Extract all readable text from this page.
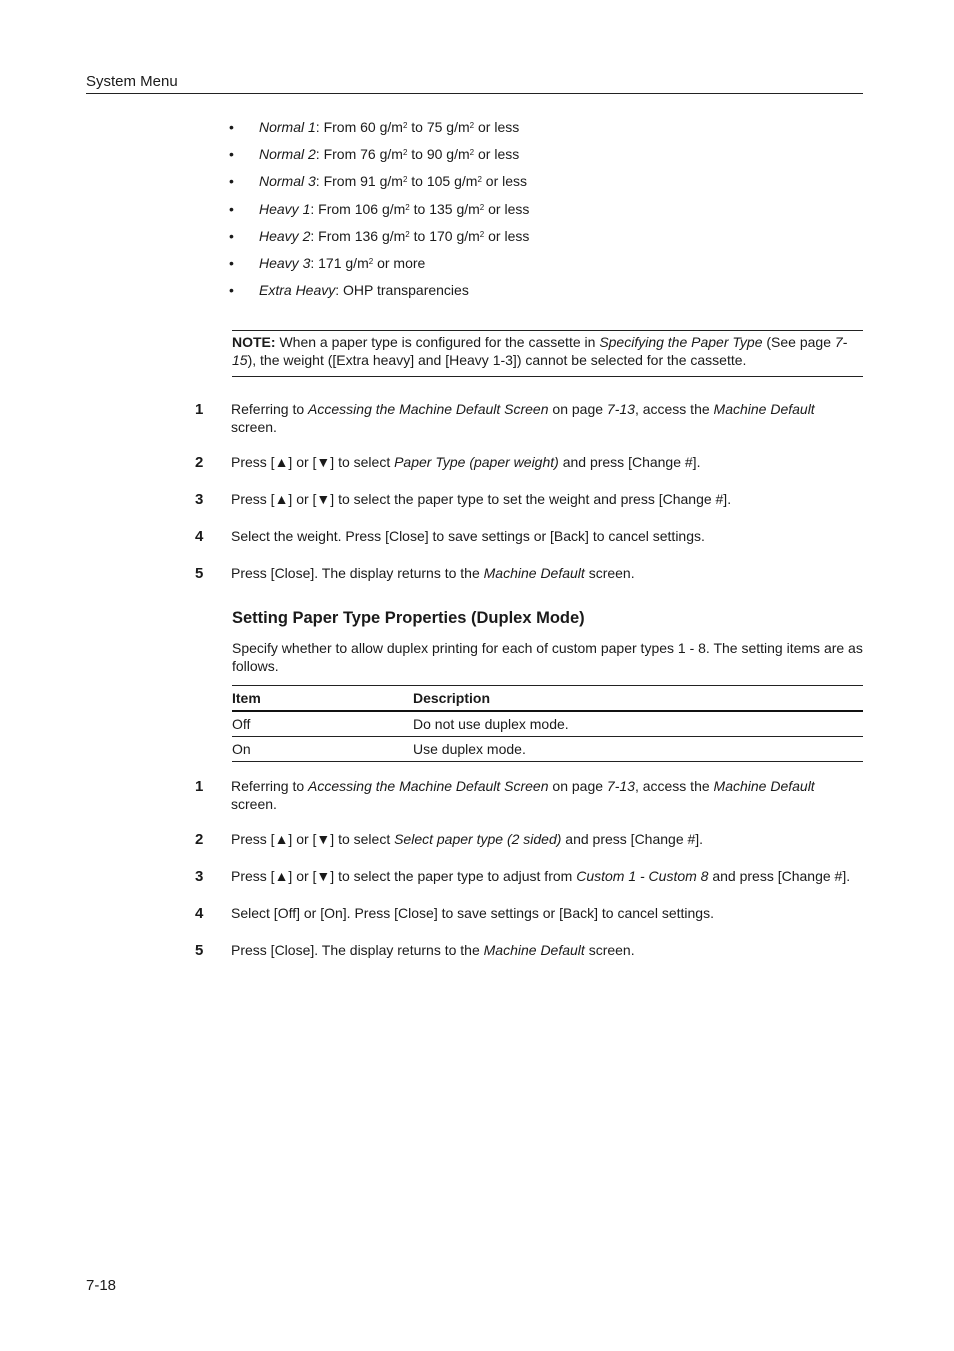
System Menu
• Normal 1: From 60 $g/m^2$ to 75 $g/m^2$ or less
• Normal 2: From 76 $g/m^2$ to 90 $g/m^2$ or less
• Normal 3: From 91 $g/m^2$ to 105 $g/m^2$ or less
• Heavy 1: From 106 $g/m^2$ to 135 $g/m^2$ or less
• Heavy 2: From 136 $g/m^2$ to 170 $g/m^2$ or less
• Heavy 3: 171 $g/m^2$ or more
• Extra Heavy: OHP transparencies
NOTE: When a paper type is configured for the cassette in Specifying the Paper Type (See page 7-15), the weight ([Extra heavy] and [Heavy 1-3]) cannot be selected for the cassette.
1 Referring to Accessing the Machine Default Screen on page 7-13, access the Machine Default
screen.
2 Press [▲] or [▼] to select Paper Type (paper weight) and press [Change #].
3 Press [▲] or [▼] to select the paper type to set the weight and press [Change #].
4 Select the weight. Press [Close] to save settings or [Back] to cancel settings.
5 Press [Close]. The display returns to the Machine Default screen.
Setting Paper Type Properties (Duplex Mode)
Specify whether to allow duplex printing for each of custom paper types 1 - 8. The setting items are as follows.
Item	Description
Off	Do not use duplex mode.
On	Use duplex mode.
1 Referring to Accessing the Machine Default Screen on page 7-13, access the Machine Default
screen.
2 Press [▲] or [▼] to select Select paper type (2 sided) and press [Change #].
3 Press [▲] or [▼] to select the paper type to adjust from Custom 1 - Custom 8 and press [Change #].
4 Select [Off] or [On]. Press [Close] to save settings or [Back] to cancel settings.
5 Press [Close]. The display returns to the Machine Default screen.
7-18
